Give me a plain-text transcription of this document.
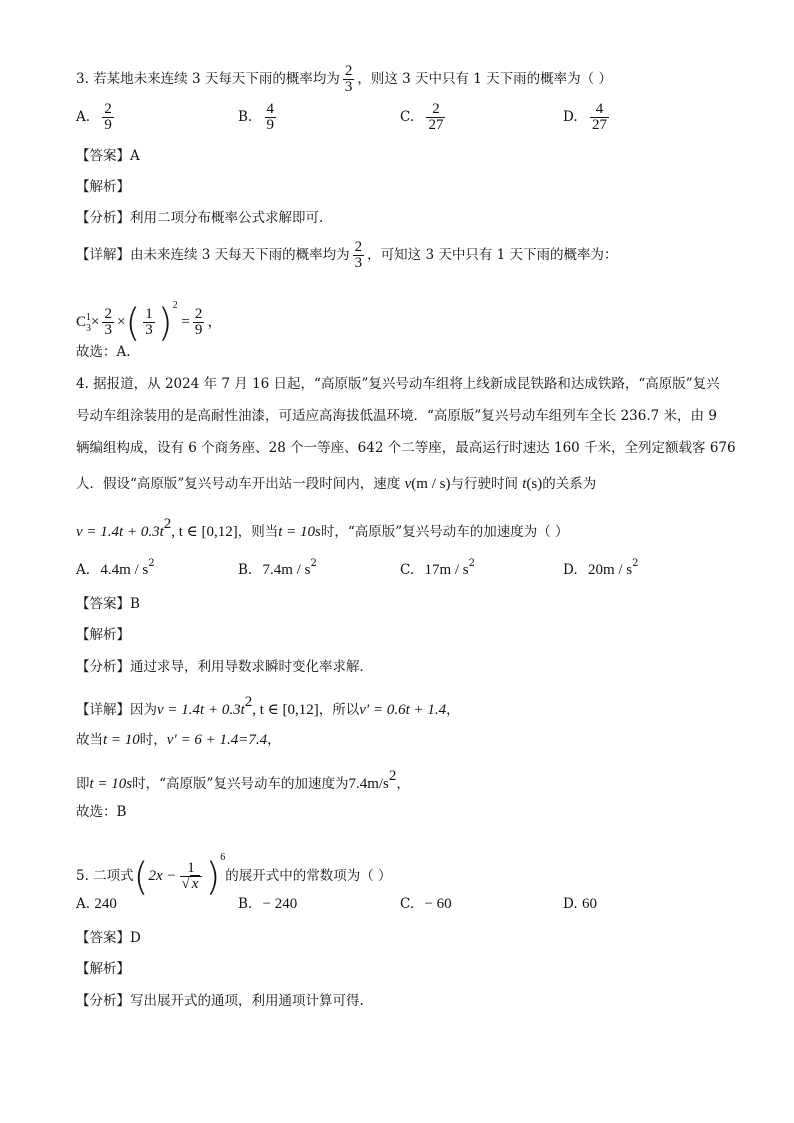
3. 若某地未来连续 3 天每天下雨的概率均为 $\frac{2}{3}$ ，则这 3 天中只有 1 天下雨的概率为（ ）
A. $\frac{2}{9}$	B. $\frac{4}{9}$	C. $\frac{2}{27}$	D. $\frac{4}{27}$
【答案】A
【解析】
【分析】利用二项分布概率公式求解即可.
【详解】由未来连续 3 天每天下雨的概率均为 $\frac{2}{3}$ ，可知这 3 天中只有 1 天下雨的概率为：
C 1
$3 \times \frac{2}{3}$ ×( $\frac{1}{3} )^2 = \frac{2}{9}$ ，
故选：A.
4. 据报道，从 2024 年 7 月 16 日起，“高原版”复兴号动车组将上线新成昆铁路和达成铁路，“高原版”复兴
号动车组涂装用的是高耐性油漆，可适应高海拔低温环境．“高原版”复兴号动车组列车全长 236.7 米，由 9
辆编组构成，设有 6 个商务座、28 个一等座、642 个二等座，最高运行时速达 160 千米，全列定额载客 676
人．假设“高原版”复兴号动车开出站一段时间内，速度 v(m / s)与行驶时间 t(s)的关系为
v = 1.4t + 0.3t2, t ∈ [0,12]，则当t = 10s时，“高原版”复兴号动车的加速度为（ ）
A. $4.4m / s^2$	B. $7.4m / s^2$	C. $17m / s^2$	D. $20m / s^2$
【答案】B
【解析】
【分析】通过求导，利用导数求瞬时变化率求解．
【详解】因为v = 1.4t + 0.3t2, t ∈ [0,12]，所以v′ = 0.6t + 1.4，
故当t = 10时，v′ = 6 + 1.4=7.4，
即t = 10s时，“高原版”复兴号动车的加速度为7.4m/s2，
故选：B
5. 二项式$(2x - \frac{1}{√ x} )^6$的展开式中的常数项为（ ）
A. 240	B. − 240	C. − 60	D. 60
【答案】D
【解析】
【分析】写出展开式的通项，利用通项计算可得.
